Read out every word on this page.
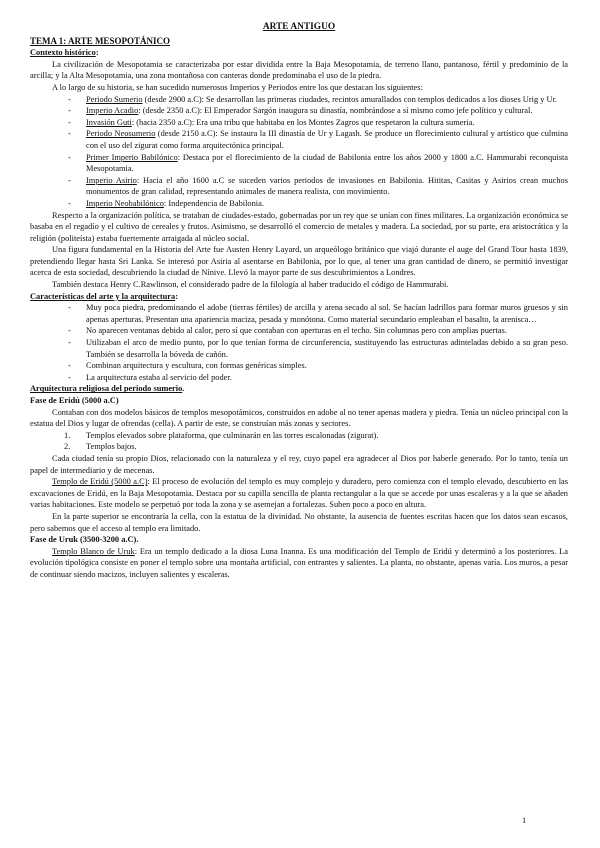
ARTE ANTIGUO
TEMA 1: ARTE MESOPOTÁNICO
Contexto histórico:

La civilización de Mesopotamia se caracterizaba por estar dividida entre la Baja Mesopotamia, de terreno llano, pantanoso, fértil y predominio de la arcilla; y la Alta Mesopotamia, una zona montañosa con canteras donde predominaba el uso de la piedra.

A lo largo de su historia, se han sucedido numerosos Imperios y Periodos entre los que destacan los siguientes:

- Periodo Sumerio (desde 2900 a.C): Se desarrollan las primeras ciudades, recintos amurallados con templos dedicados a los dioses Urig y Ur.

- Imperio Acadio: (desde 2350 a.C): El Emperador Sargón inaugura su dinastía, nombrándose a sí mismo como jefe político y cultural.

- Invasión Guti: (hacia 2350 a.C): Era una tribu que habitaba en los Montes Zagros que respetaron la cultura sumeria.

- Periodo Neosumerio (desde 2150 a.C): Se instaura la III dinastía de Ur y Lagash. Se produce un florecimiento cultural y artístico que culmina con el uso del zigurat como forma arquitectónica principal.

- Primer Imperio Babilónico: Destaca por el florecimiento de la ciudad de Babilonia entre los años 2000 y 1800 a.C. Hammurabi reconquista Mesopotamia.

- Imperio Asirio: Hacia el año 1600 a.C se suceden varios periodos de invasiones en Babilonia. Hititas, Casitas y Asirios crean muchos monumentos de gran calidad, representando animales de manera realista, con movimiento.

- Imperio Neobabilónico: Independencia de Babilonia.

Respecto a la organización política, se trataban de ciudades-estado, gobernadas por un rey que se unían con fines militares. La organización económica se basaba en el regadío y el cultivo de cereales y frutos. Asimismo, se desarrolló el comercio de metales y madera. La sociedad, por su parte, era aristocrática y la religión (politeísta) estaba fuertemente arraigada al núcleo social.

Una figura fundamental en la Historia del Arte fue Austen Henry Layard, un arqueólogo británico que viajó durante el auge del Grand Tour hasta 1839, pretendiendo llegar hasta Sri Lanka. Se interesó por Asiria al asentarse en Babilonia, por lo que, al tener una gran cantidad de dinero, se permitió investigar acerca de esta sociedad, descubriendo la ciudad de Nínive. Llevó la mayor parte de sus descubrimientos a Londres.

También destaca Henry C.Rawlinson, el considerado padre de la filología al haber traducido el código de Hammurabi.

Características del arte y la arquitectura:

- Muy poca piedra, predominando el adobe (tierras fértiles) de arcilla y arena secado al sol. Se hacían ladrillos para formar muros gruesos y sin apenas aperturas. Presentan una apariencia maciza, pesada y monótona. Como material secundario empleaban el basalto, la arenisca…

- No aparecen ventanas debido al calor, pero sí que contaban con aperturas en el techo. Sin columnas pero con amplias puertas.

- Utilizaban el arco de medio punto, por lo que tenían forma de circunferencia, sustituyendo las estructuras adinteladas debido a su gran peso. También se desarrolla la bóveda de cañón.

- Combinan arquitectura y escultura, con formas genéricas simples.

- La arquitectura estaba al servicio del poder.

Arquitectura religiosa del periodo sumerio.
Fase de Eridú (5000 a.C)

Contaban con dos modelos básicos de templos mesopotámicos, construidos en adobe al no tener apenas madera y piedra. Tenía un núcleo principal con la estatua del Dios y lugar de ofrendas (cella). A partir de este, se construían más zonas y sectores.

1. Templos elevados sobre plataforma, que culminarán en las torres escalonadas (zigurat).

2. Templos bajos.

Cada ciudad tenía su propio Dios, relacionado con la naturaleza y el rey, cuyo papel era agradecer al Dios por haberle generado. Por lo tanto, tenía un papel de intermediario y de mecenas.

Templo de Eridú (5000 a.C): El proceso de evolución del templo es muy complejo y duradero, pero comienza con el templo elevado, descubierto en las excavaciones de Eridú, en la Baja Mesopotamia. Destaca por su capilla sencilla de planta rectangular a la que se accede por unas escaleras y a la que se añaden varias habitaciones. Este modelo se perpetuó por toda la zona y se asemejan a fortalezas. Suben poco a poco en altura.

En la parte superior se encontraría la cella, con la estatua de la divinidad. No obstante, la ausencia de fuentes escritas hacen que los datos sean escasos, pero sabemos que el acceso al templo era limitado.

Fase de Uruk (3500-3200 a.C).

Templo Blanco de Uruk: Era un templo dedicado a la diosa Luna Inanna. Es una modificación del Templo de Eridú y determinó a los posteriores. La evolución tipológica consiste en poner el templo sobre una montaña artificial, con entrantes y salientes. La planta, no obstante, apenas varía. Los muros, a pesar de continuar siendo macizos, incluyen salientes y escaleras.

1
